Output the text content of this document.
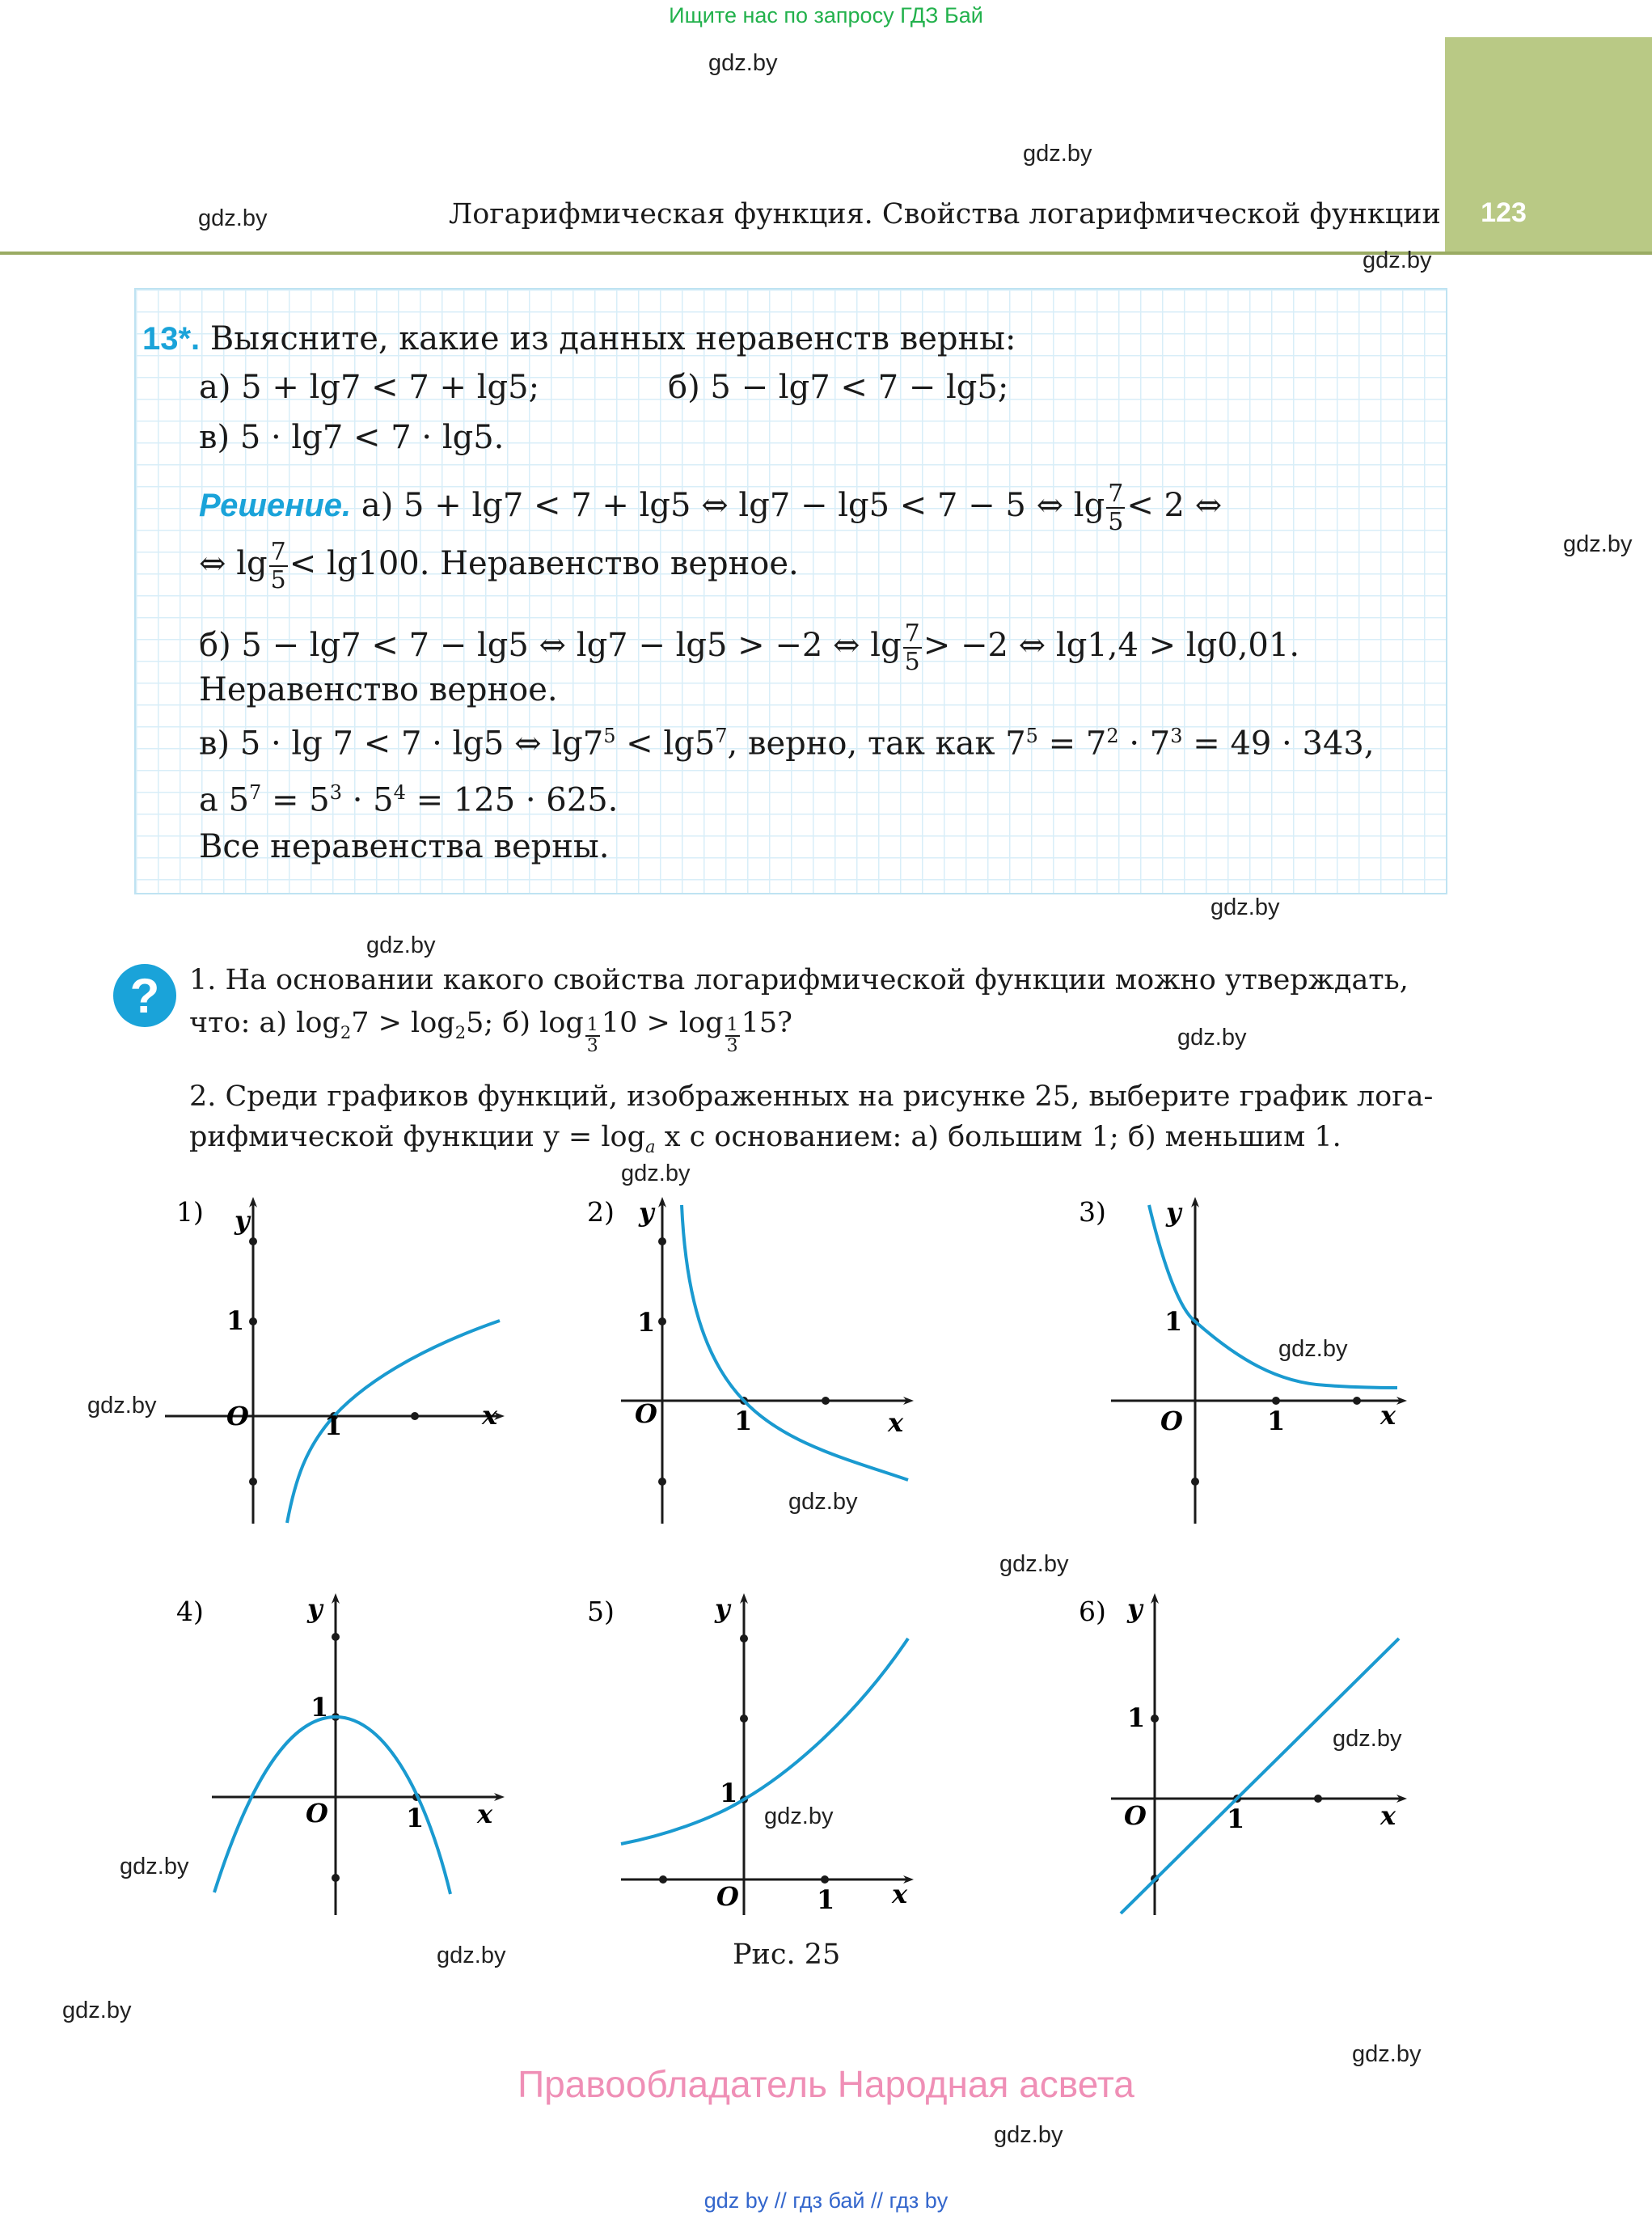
Ищите нас по запросу ГДЗ Бай
123
Логарифмическая функция. Свойства логарифмической функции
gdz.by
gdz.by
gdz.by
gdz.by
gdz.by
gdz.by
gdz.by
gdz.by
gdz.by
gdz.by
gdz.by
gdz.by
gdz.by
gdz.by
gdz.by
gdz.by
gdz.by
gdz.by
gdz.by
gdz.by
13*. Выясните, какие из данных неравенств верны:
а) 5 + lg7 < 7 + lg5;	б) 5 − lg7 < 7 − lg5;
в) 5 · lg7 < 7 · lg5.
Решение. а) 5 + lg7 < 7 + lg5 ⇔ lg7 − lg5 < 7 − 5 ⇔ $\lg \frac{7}{5} < 2$ ⇔
⇔ $\lg \frac{7}{5} < \lg 100$. Неравенство верное.
б) 5 − lg7 < 7 − lg5 ⇔ lg7 − lg5 > −2 ⇔ $\lg \frac{7}{5} > -2$ ⇔ lg1,4 > lg0,01.
Неравенство верное.
в) 5 · lg 7 < 7 · lg5 ⇔ $\lg 7^5 < \lg 5^7$, верно, так как $7^5 = 7^2 \cdot 7^3 = 49 \cdot 343$,
а $5^7 = 5^3 \cdot 5^4 = 125 \cdot 625$.
Все неравенства верны.
?	1. На основании какого свойства логарифмической функции можно утверждать,
что: а) $\log_27 > \log_25$; б) $\log \frac{1}{3} 10 > \log \frac{1}{3} 15$?
2. Среди графиков функций, изображенных на рисунке 25, выберите график лога-
рифмической функции $y = \log_a x$ с основанием: а) большим 1; б) меньшим 1.
1) y
x
O
1
1
2) y
x
O
1
1
3) y
x
O
1
1
4)	y
x
O
1
1
5)	y
x
O
1
1
6) y
x
O
1
1
Рис. 25
Правообладатель Народная асвета
gdz by // гдз бай // гдз by
